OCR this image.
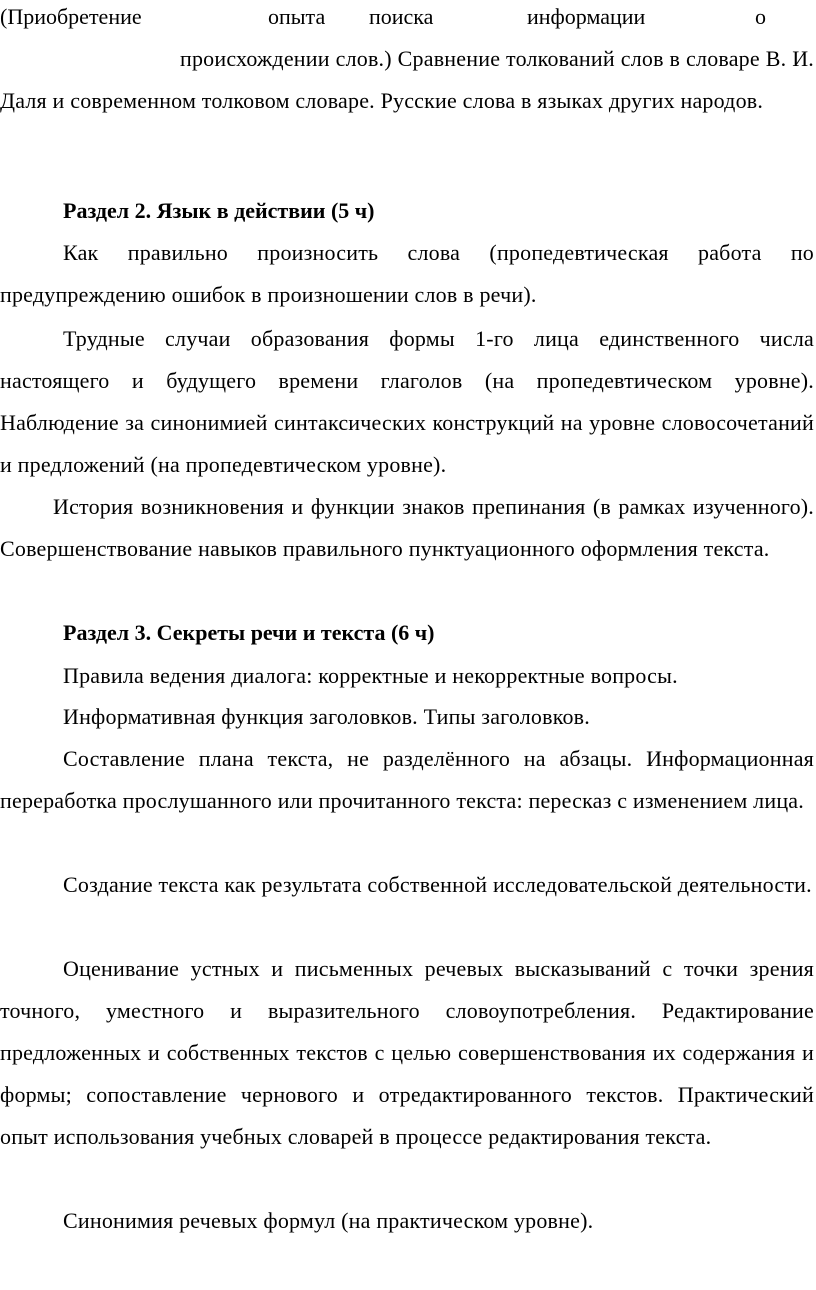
(Приобретение	опыта поиска	информации	о

происхождении слов.) Сравнение толкований слов в словаре В. И. Даля и современном толковом словаре. Русские слова в языках других народов.

Раздел 2. Язык в действии (5 ч)

Как правильно произносить слова (пропедевтическая работа по предупреждению ошибок в произношении слов в речи).

Трудные случаи образования формы 1-го лица единственного числа настоящего и будущего времени глаголов (на пропедевтическом уровне). Наблюдение за синонимией синтаксических конструкций на уровне словосочетаний и предложений (на пропедевтическом уровне).

История возникновения и функции знаков препинания (в рамках изученного). Совершенствование навыков правильного пунктуационного оформления текста.

Раздел 3. Секреты речи и текста (6 ч)

Правила ведения диалога: корректные и некорректные вопросы.

Информативная функция заголовков. Типы заголовков.

Составление плана текста, не разделённого на абзацы. Информационная переработка прослушанного или прочитанного текста: пересказ с изменением лица.

Создание текста как результата собственной исследовательской деятельности.

Оценивание устных и письменных речевых высказываний с точки зрения точного, уместного и выразительного словоупотребления. Редактирование предложенных и собственных текстов с целью совершенствования их содержания и формы; сопоставление чернового и отредактированного текстов. Практический опыт использования учебных словарей в процессе редактирования текста.

Синонимия речевых формул (на практическом уровне).
